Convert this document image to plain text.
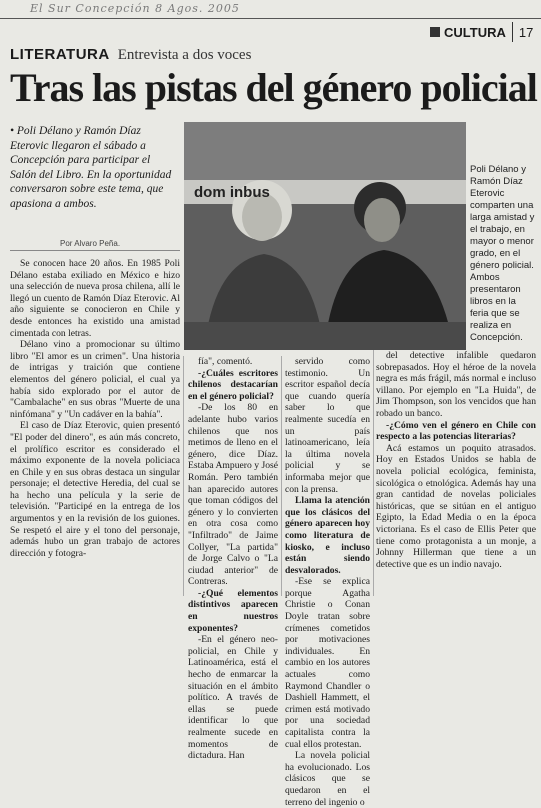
El Sur Concepción 8 Agos. 2005
CULTURA 17
LITERATURA Entrevista a dos voces
Tras las pistas del género policial
• Poli Délano y Ramón Díaz Eterovic llegaron el sábado a Concepción para participar el Salón del Libro. En la oportunidad conversaron sobre este tema, que apasiona a ambos.
Por Alvaro Peña.
dom inbus
Poli Délano y Ramón Díaz Eterovic comparten una larga amistad y el trabajo, en mayor o menor grado, en el género policial. Ambos presentaron libros en la feria que se realiza en Concepción.

Se conocen hace 20 años. En 1985 Poli Délano estaba exiliado en México e hizo una selección de nueva prosa chilena, allí le llegó un cuento de Ramón Díaz Eterovic. Al año siguiente se conocieron en Chile y desde entonces ha existido una amistad cimentada con letras.

Délano vino a promocionar su último libro "El amor es un crimen". Una historia de intrigas y traición que contiene elementos del género policial, el cual ya había sido explorado por el autor de "Cambalache" en sus obras "Muerte de una ninfómana" y "Un cadáver en la bahía".

El caso de Díaz Eterovic, quien presentó "El poder del dinero", es aún más concreto, el prolífico escritor es considerado el máximo exponente de la novela policiaca en Chile y en sus obras destaca un singular personaje; el detective Heredia, del cual se ha hecho una película y la serie de televisión. "Participé en la entrega de los argumentos y en la revisión de los guiones. Se respetó el aire y el tono del personaje, además hubo un gran trabajo de actores dirección y fotogra-

fía", comentó.

-¿Cuáles escritores chilenos destacarían en el género policial?

-De los 80 en adelante hubo varios chilenos que nos metimos de lleno en el género, dice Díaz. Estaba Ampuero y José Román. Pero también han aparecido autores que toman códigos del género y lo convierten en otra cosa como "Infiltrado" de Jaime Collyer, "La partida" de Jorge Calvo o "La ciudad anterior" de Contreras.

-¿Qué elementos distintivos aparecen en nuestros exponentes?

-En el género neo-policial, en Chile y Latinoamérica, está el hecho de enmarcar la situación en el ámbito político. A través de ellas se puede identificar lo que realmente sucede en momentos de dictadura. Han

servido como testimonio. Un escritor español decía que cuando quería saber lo que realmente sucedía en un país latinoamericano, leía la última novela policial y se informaba mejor que con la prensa.

Llama la atención que los clásicos del género aparecen hoy como literatura de kiosko, e incluso están siendo desvalorados.

-Ese se explica porque Agatha Christie o Conan Doyle tratan sobre crímenes cometidos por motivaciones individuales. En cambio en los autores actuales como Raymond Chandler o Dashiell Hammett, el crimen está motivado por una sociedad capitalista contra la cual ellos protestan.

La novela policial ha evolucionado. Los clásicos que se quedaron en el terreno del ingenio o

del detective infalible quedaron sobrepasados. Hoy el héroe de la novela negra es más frágil, más normal e incluso villano. Por ejemplo en "La Huida", de Jim Thompson, son los vencidos que han robado un banco.

-¿Cómo ven el género en Chile con respecto a las potencias literarias?

Acá estamos un poquito atrasados. Hoy en Estados Unidos se habla de novela policial ecológica, feminista, sicológica o etnológica. Además hay una gran cantidad de novelas policiales históricas, que se sitúan en el antiguo Egipto, la Edad Media o en la época victoriana. Es el caso de Ellis Peter que tiene como protagonista a un monje, a Johnny Hillerman que tiene a un detective que es un indio navajo.
